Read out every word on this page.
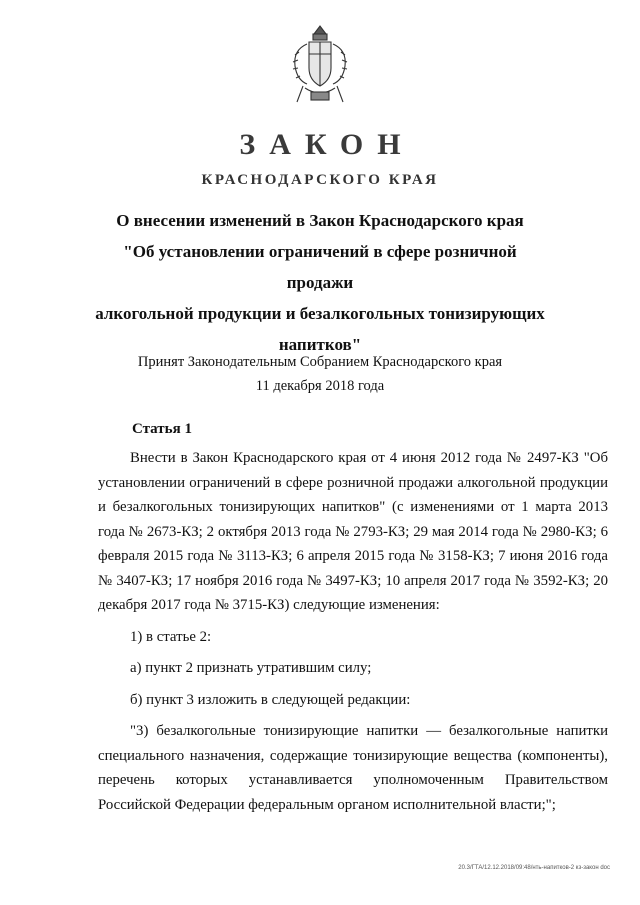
ЗАКОН
КРАСНОДАРСКОГО КРАЯ
О внесении изменений в Закон Краснодарского края
"Об установлении ограничений в сфере розничной продажи
алкогольной продукции и безалкогольных тонизирующих
напитков"
Принят Законодательным Собранием Краснодарского края
11 декабря 2018 года
Статья 1

Внести в Закон Краснодарского края от 4 июня 2012 года № 2497-КЗ "Об установлении ограничений в сфере розничной продажи алкогольной продукции и безалкогольных тонизирующих напитков" (с изменениями от 1 марта 2013 года № 2673-КЗ; 2 октября 2013 года № 2793-КЗ; 29 мая 2014 года № 2980-КЗ; 6 февраля 2015 года № 3113-КЗ; 6 апреля 2015 года № 3158-КЗ; 7 июня 2016 года № 3407-КЗ; 17 ноября 2016 года № 3497-КЗ; 10 апреля 2017 года № 3592-КЗ; 20 декабря 2017 года № 3715-КЗ) следующие изменения:

1) в статье 2:

а) пункт 2 признать утратившим силу;

б) пункт 3 изложить в следующей редакции:

"3) безалкогольные тонизирующие напитки — безалкогольные напитки специального назначения, содержащие тонизирующие вещества (компоненты), перечень которых устанавливается уполномоченным Правительством Российской Федерации федеральным органом исполнительной власти;";

20.3/ГТА/12.12.2018/09:48/нть-напитков-2 кз-закон doc
